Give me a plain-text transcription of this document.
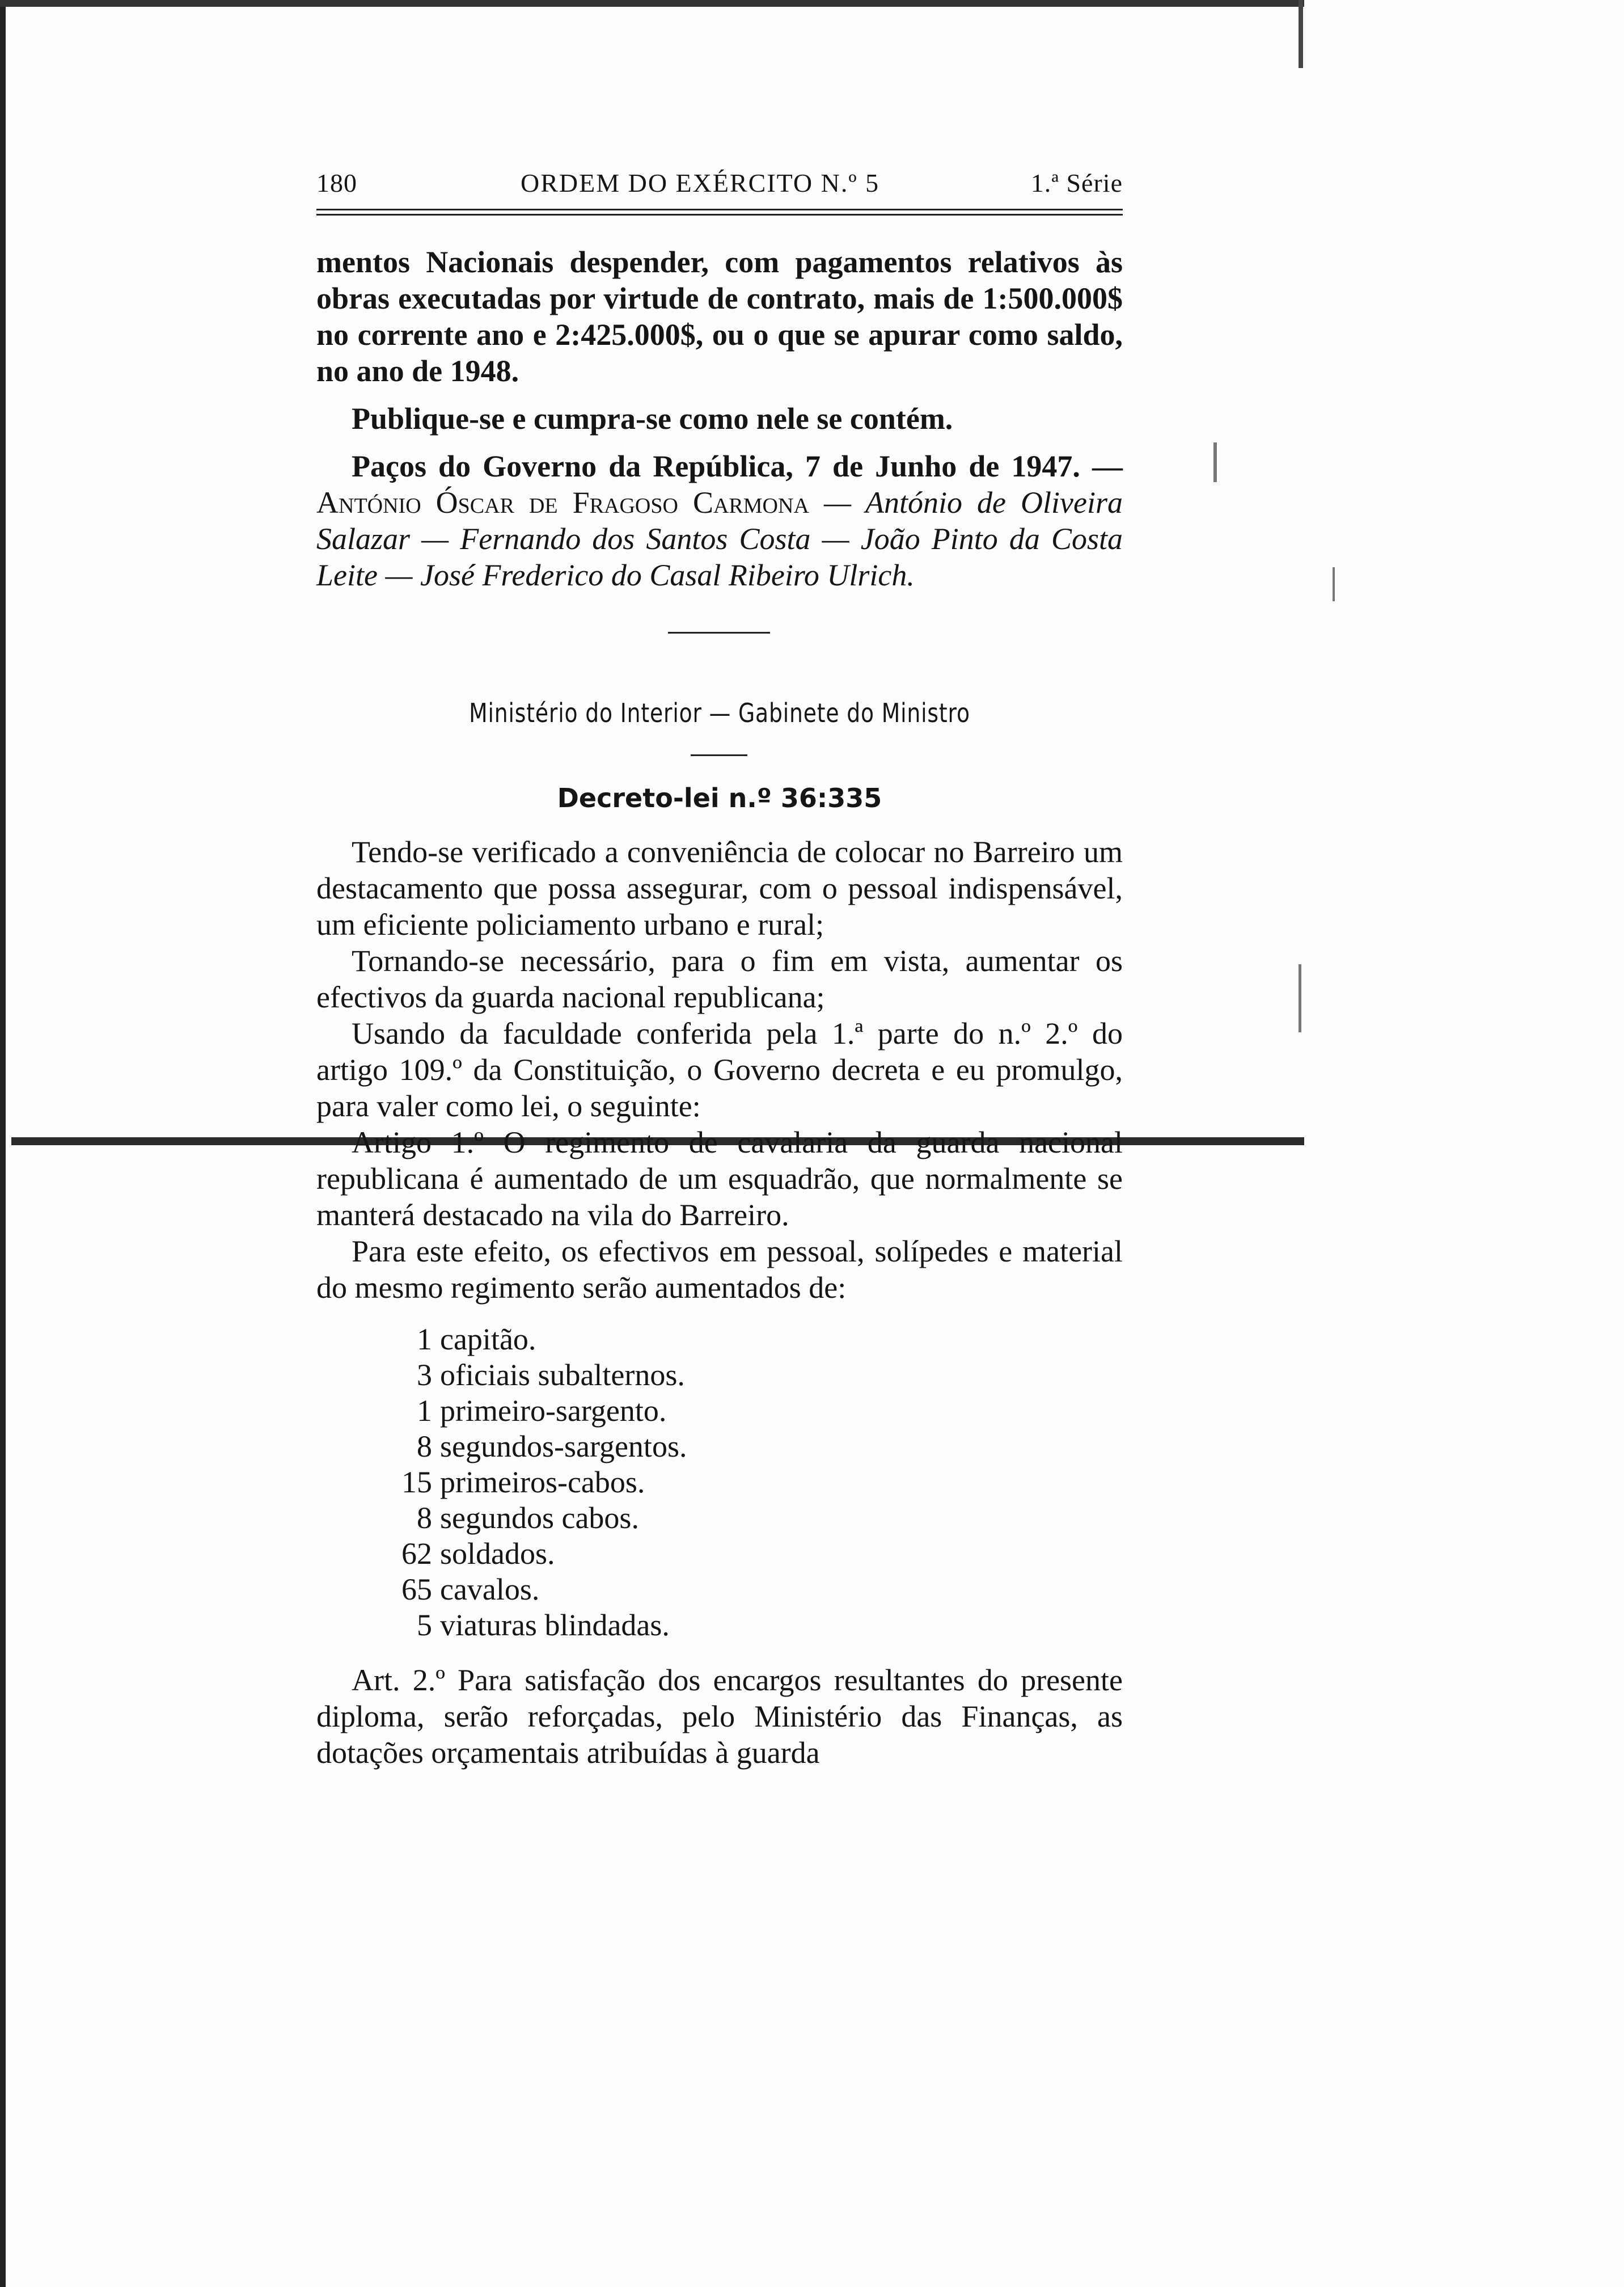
180	ORDEM DO EXÉRCITO N.º 5	1.ª Série

mentos Nacionais despender, com pagamentos relativos às obras executadas por virtude de contrato, mais de 1:500.000$ no corrente ano e 2:425.000$, ou o que se apurar como saldo, no ano de 1948.

Publique-se e cumpra-se como nele se contém.

Paços do Governo da República, 7 de Junho de 1947. — António Óscar de Fragoso Carmona — António de Oliveira Salazar — Fernando dos Santos Costa — João Pinto da Costa Leite — José Frederico do Casal Ribeiro Ulrich.

Ministério do Interior — Gabinete do Ministro
Decreto-lei n.º 36:335

Tendo-se verificado a conveniência de colocar no Barreiro um destacamento que possa assegurar, com o pessoal indispensável, um eficiente policiamento urbano e rural;

Tornando-se necessário, para o fim em vista, aumentar os efectivos da guarda nacional republicana;

Usando da faculdade conferida pela 1.ª parte do n.º 2.º do artigo 109.º da Constituição, o Governo decreta e eu promulgo, para valer como lei, o seguinte:

Artigo 1.º O regimento de cavalaria da guarda nacional republicana é aumentado de um esquadrão, que normalmente se manterá destacado na vila do Barreiro.

Para este efeito, os efectivos em pessoal, solípedes e material do mesmo regimento serão aumentados de:

1 capitão.
3 oficiais subalternos.
1 primeiro-sargento.
8 segundos-sargentos.
15 primeiros-cabos.
8 segundos cabos.
62 soldados.
65 cavalos.
5 viaturas blindadas.

Art. 2.º Para satisfação dos encargos resultantes do presente diploma, serão reforçadas, pelo Ministério das Finanças, as dotações orçamentais atribuídas à guarda
